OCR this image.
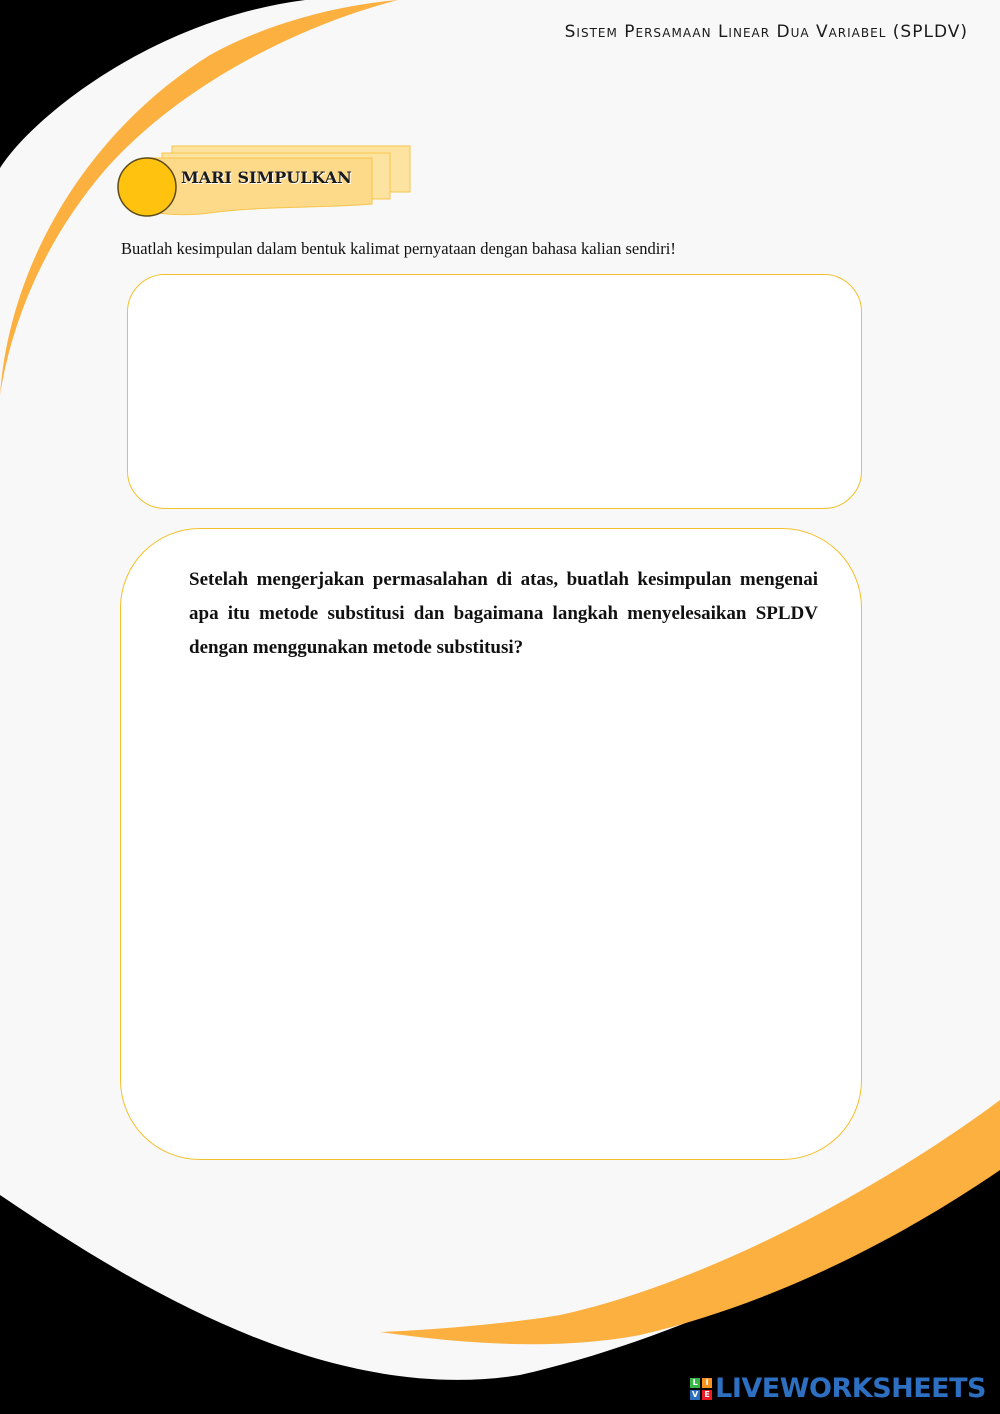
Sistem Persamaan Linear Dua Variabel (SPLDV)
MARI SIMPULKAN
Buatlah kesimpulan dalam bentuk kalimat pernyataan dengan bahasa kalian sendiri!
Setelah mengerjakan permasalahan di atas, buatlah kesimpulan mengenai apa itu metode substitusi dan bagaimana langkah menyelesaikan SPLDV dengan menggunakan metode substitusi?
L I
V E LIVEWORKSHEETS
